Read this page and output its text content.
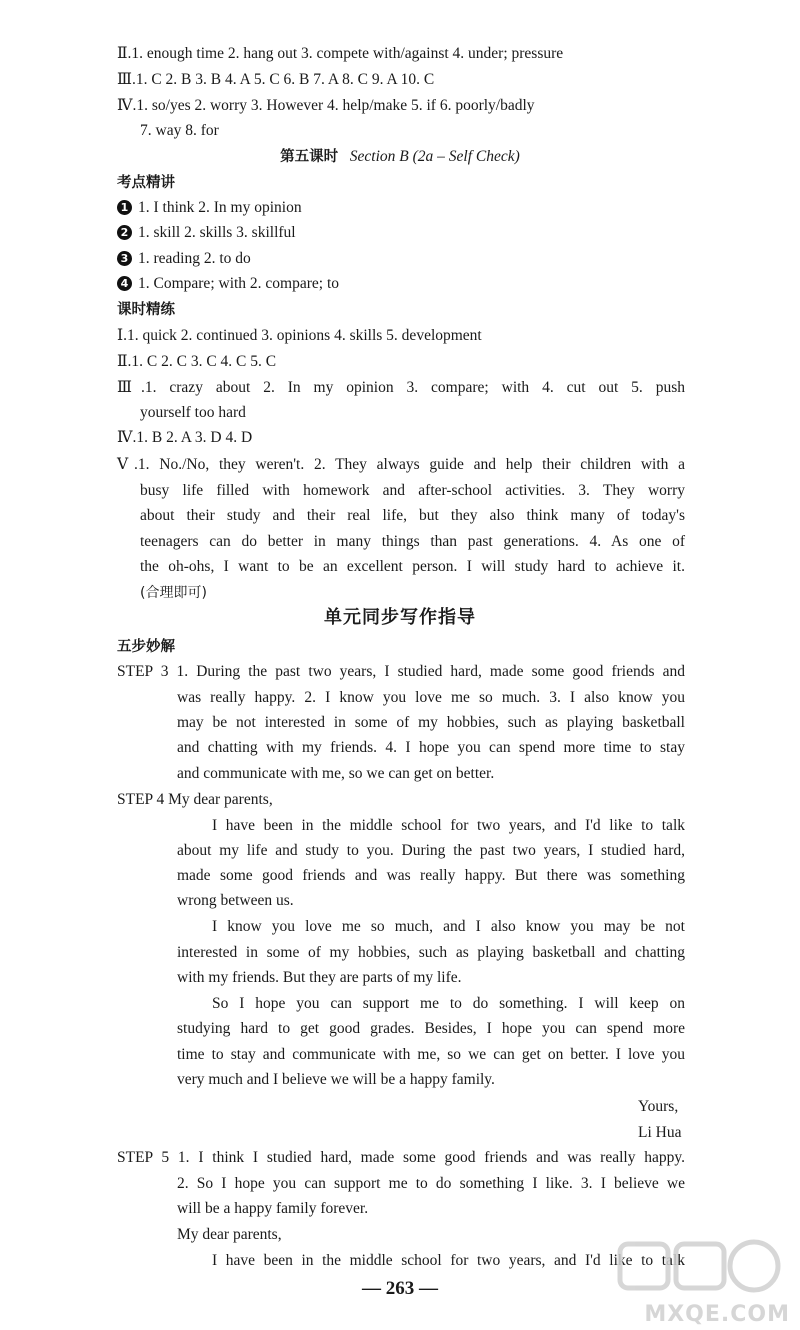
Ⅱ.1. enough time 2. hang out 3. compete with/against 4. under; pressure
Ⅲ.1. C 2. B 3. B 4. A 5. C 6. B 7. A 8. C 9. A 10. C
Ⅳ.1. so/yes 2. worry 3. However 4. help/make 5. if 6. poorly/badly
7. way 8. for
第五课时 Section B (2a – Self Check)
考点精讲
1 1. I think 2. In my opinion
2 1. skill 2. skills 3. skillful
3 1. reading 2. to do
4 1. Compare; with 2. compare; to
课时精练
Ⅰ.1. quick 2. continued 3. opinions 4. skills 5. development
Ⅱ.1. C 2. C 3. C 4. C 5. C
Ⅲ.1. crazy about 2. In my opinion 3. compare; with 4. cut out 5. push
yourself too hard
Ⅳ.1. B 2. A 3. D 4. D
Ⅴ.1. No./No, they weren't. 2. They always guide and help their children with a
busy life filled with homework and after-school activities. 3. They worry
about their study and their real life, but they also think many of today's
teenagers can do better in many things than past generations. 4. As one of
the oh-ohs, I want to be an excellent person. I will study hard to achieve it.
(合理即可)
单元同步写作指导
五步妙解
STEP 3 1. During the past two years, I studied hard, made some good friends and
was really happy. 2. I know you love me so much. 3. I also know you
may be not interested in some of my hobbies, such as playing basketball
and chatting with my friends. 4. I hope you can spend more time to stay
and communicate with me, so we can get on better.
STEP 4 My dear parents,
I have been in the middle school for two years, and I'd like to talk
about my life and study to you. During the past two years, I studied hard,
made some good friends and was really happy. But there was something
wrong between us.
I know you love me so much, and I also know you may be not
interested in some of my hobbies, such as playing basketball and chatting
with my friends. But they are parts of my life.
So I hope you can support me to do something. I will keep on
studying hard to get good grades. Besides, I hope you can spend more
time to stay and communicate with me, so we can get on better. I love you
very much and I believe we will be a happy family.
Yours,
Li Hua
STEP 5 1. I think I studied hard, made some good friends and was really happy.
2. So I hope you can support me to do something I like. 3. I believe we
will be a happy family forever.
My dear parents,
I have been in the middle school for two years, and I'd like to talk
— 263 —
MXQE.COM
